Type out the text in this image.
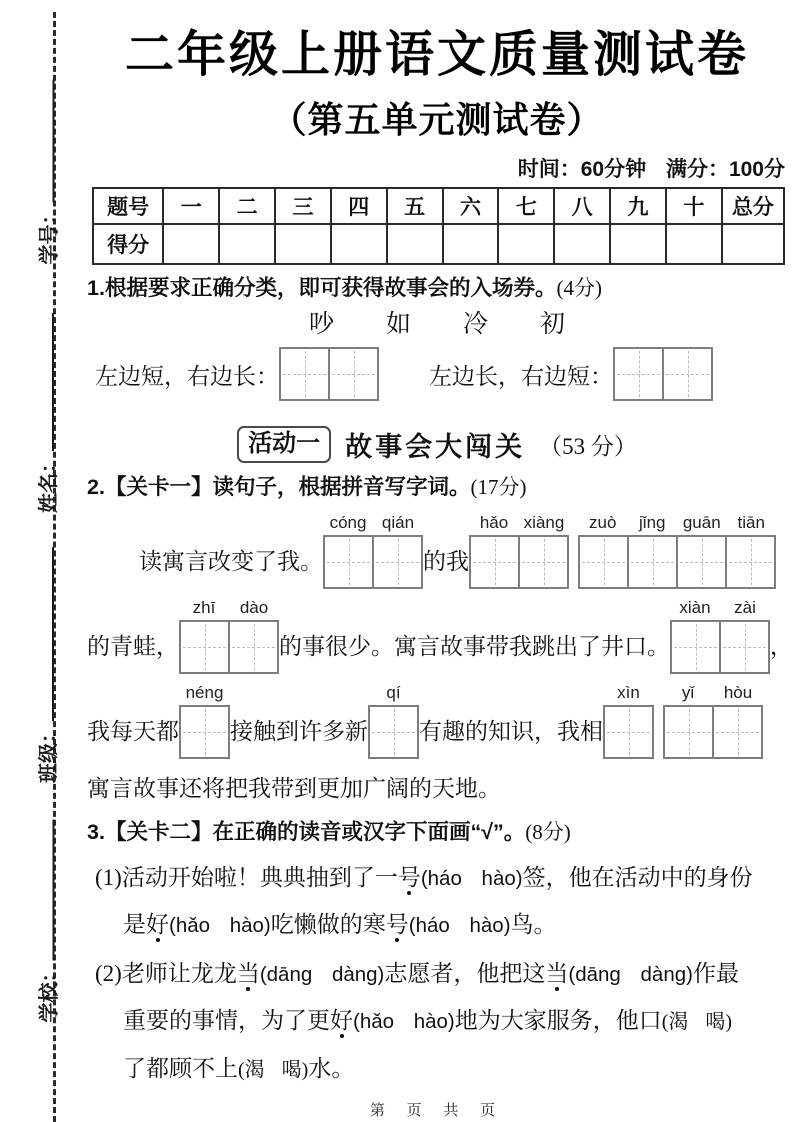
学号：
姓名：
班级：
学校：
二年级上册语文质量测试卷
（第五单元测试卷）
时间：60分钟 满分：100分
题号	一	二	三	四	五	六	七	八	九	十	总分
得分											
1.根据要求正确分类，即可获得故事会的入场券。(4分)
吵 如 冷 初
左边短，右边长：	左边长，右边短：
活动一 故事会大闯关 （53 分）
2.【关卡一】读句子，根据拼音写字词。(17分)
读寓言改变了我。
cóng qián
的我
hǎo xiàng	zuò	jǐng	guān tiān
的青蛙，
zhī	dào
的事很少。寓言故事带我跳出了井口。
xiàn	zài
，
我每天都
néng
接触到许多新
qí
有趣的知识，我相
xìn	yǐ	hòu
寓言故事还将把我带到更加广阔的天地。
3.【关卡二】在正确的读音或汉字下面画“√”。(8分)
(1)活动开始啦！典典抽到了一号(háo hào)签，他在活动中的身份
是好(hǎo hào)吃懒做的寒号(háo hào)鸟。
(2)老师让龙龙当(dāng dàng)志愿者，他把这当(dāng dàng)作最
重要的事情，为了更好(hǎo hào)地为大家服务，他口(渴 喝)
了都顾不上(渴 喝)水。
第 页 共 页
